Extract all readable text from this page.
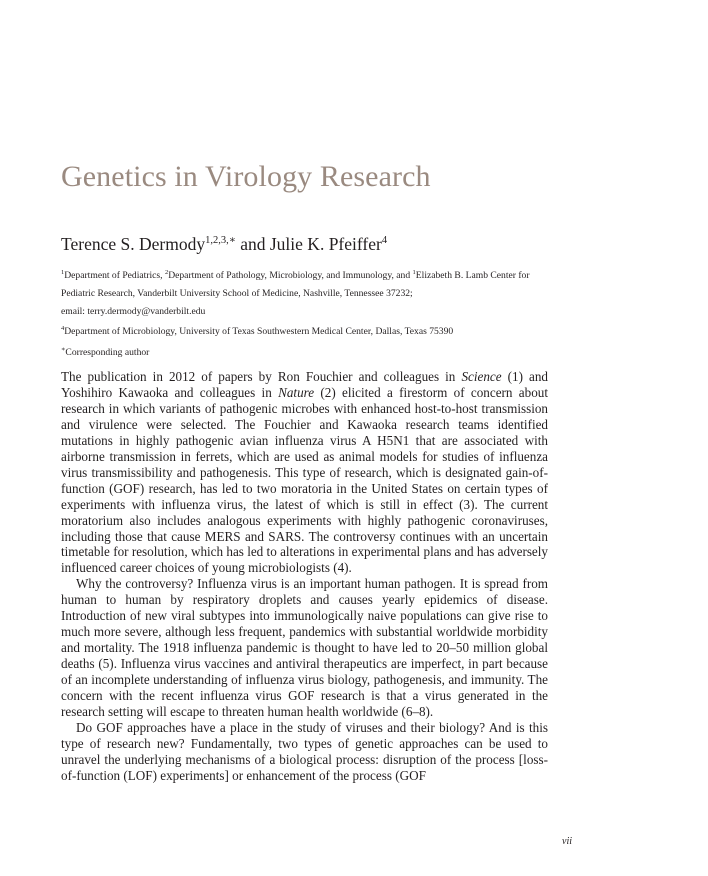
Genetics in Virology Research
Terence S. Dermody$^{1,2,3,∗}$ and Julie K. Pfeiffer$^4$
$^1$Department of Pediatrics, $^2$Department of Pathology, Microbiology, and Immunology, and $^1$Elizabeth B. Lamb Center for
Pediatric Research, Vanderbilt University School of Medicine, Nashville, Tennessee 37232;
email: terry.dermody@vanderbilt.edu
$^4$Department of Microbiology, University of Texas Southwestern Medical Center, Dallas, Texas 75390
∗Corresponding author

The publication in 2012 of papers by Ron Fouchier and colleagues in Science (1) and Yoshihiro Kawaoka and colleagues in Nature (2) elicited a firestorm of concern about research in which variants of pathogenic microbes with enhanced host-to-host transmission and virulence were selected. The Fouchier and Kawaoka research teams identified mutations in highly pathogenic avian influenza virus A H5N1 that are associated with airborne transmission in ferrets, which are used as animal models for studies of influenza virus transmissibility and pathogenesis. This type of research, which is designated gain-of-function (GOF) research, has led to two moratoria in the United States on certain types of experiments with influenza virus, the latest of which is still in effect (3). The current moratorium also includes analogous experiments with highly pathogenic coronaviruses, including those that cause MERS and SARS. The controversy continues with an uncertain timetable for resolution, which has led to alterations in experimental plans and has adversely influenced career choices of young microbiologists (4).

Why the controversy? Influenza virus is an important human pathogen. It is spread from human to human by respiratory droplets and causes yearly epidemics of disease. Introduction of new viral subtypes into immunologically naive populations can give rise to much more severe, although less frequent, pandemics with substantial worldwide morbidity and mortality. The 1918 influenza pandemic is thought to have led to 20–50 million global deaths (5). Influenza virus vaccines and antiviral therapeutics are imperfect, in part because of an incomplete understanding of influenza virus biology, pathogenesis, and immunity. The concern with the recent influenza virus GOF research is that a virus generated in the research setting will escape to threaten human health worldwide (6–8).

Do GOF approaches have a place in the study of viruses and their biology? And is this type of research new? Fundamentally, two types of genetic approaches can be used to unravel the underlying mechanisms of a biological process: disruption of the process [loss-of-function (LOF) experiments] or enhancement of the process (GOF

vii
